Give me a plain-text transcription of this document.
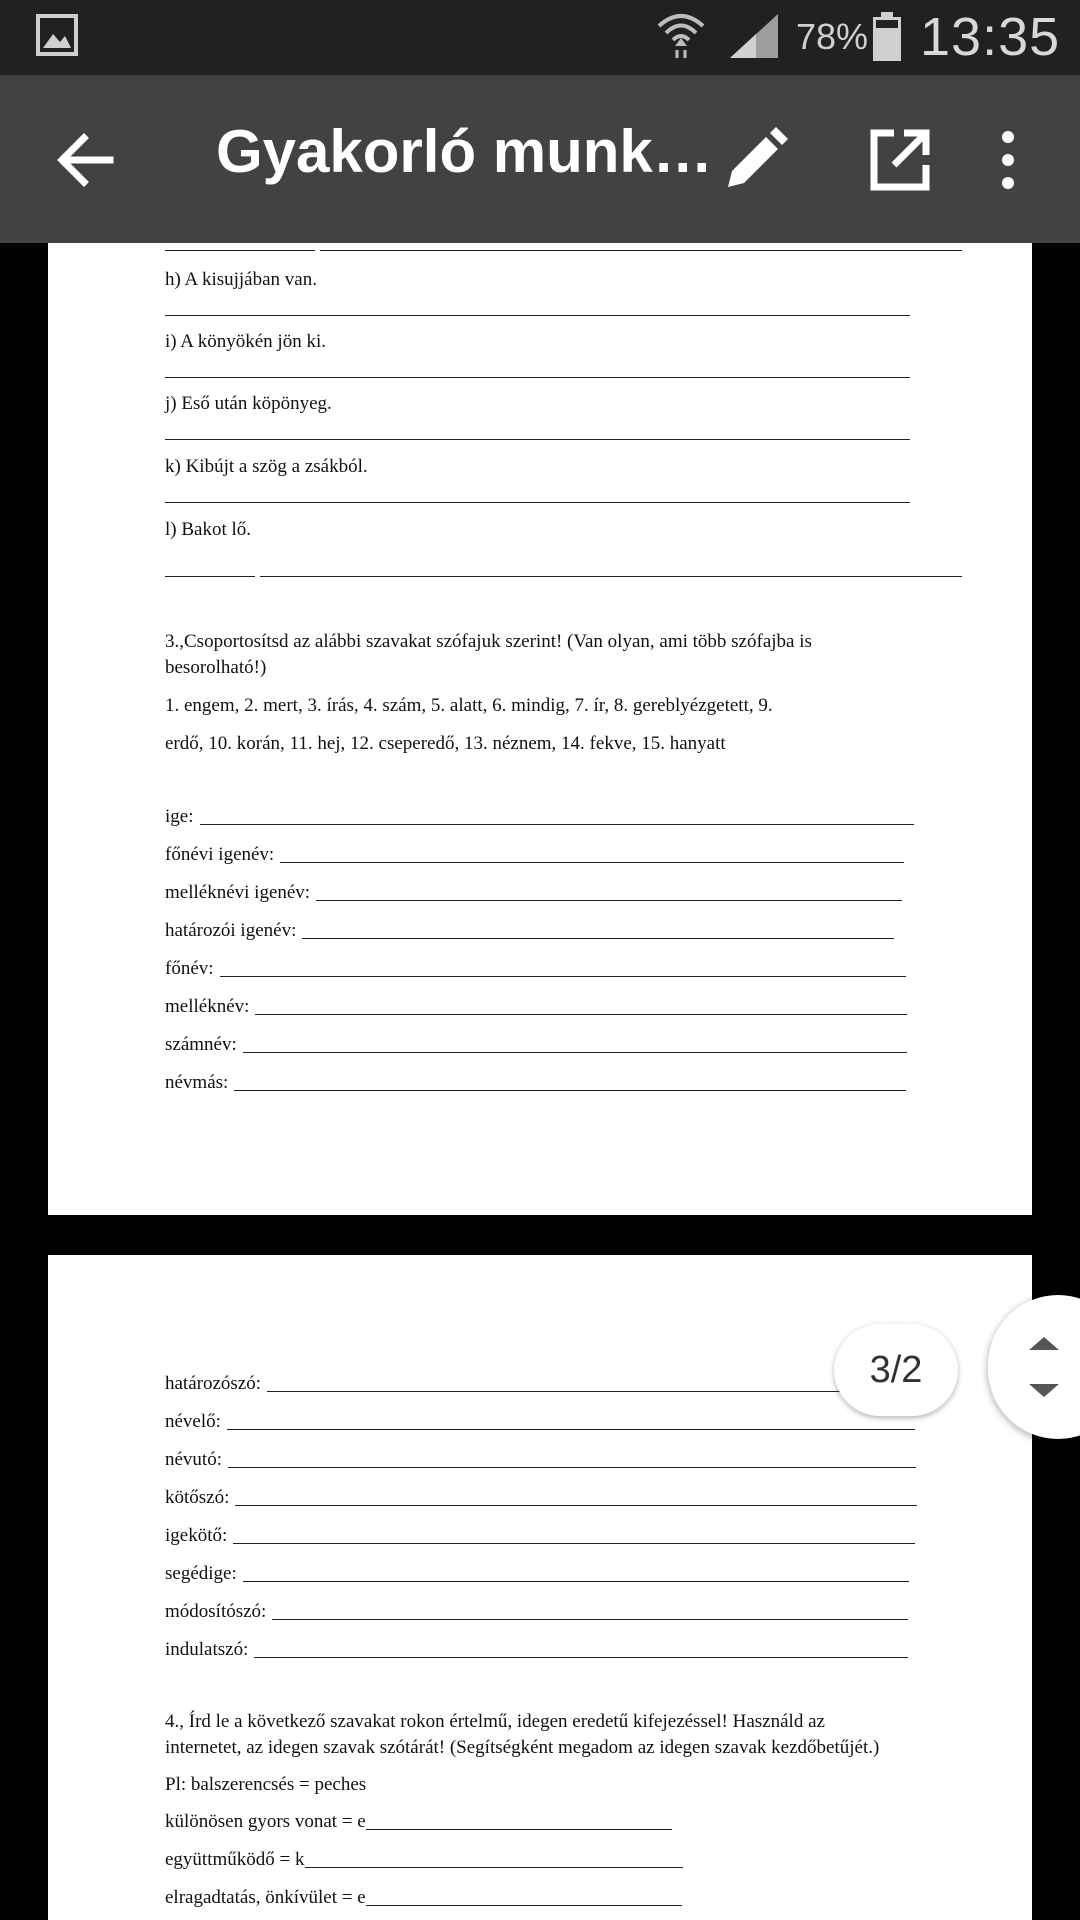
78% 13:35
Gyakorló munk…
h) A kisujjában van.
i) A könyökén jön ki.
j) Eső után köpönyeg.
k) Kibújt a szög a zsákból.
l) Bakot lő.
3.,Csoportosítsd az alábbi szavakat szófajuk szerint! (Van olyan, ami több szófajba is
besorolható!)
1. engem, 2. mert, 3. írás, 4. szám, 5. alatt, 6. mindig, 7. ír, 8. gereblyézgetett, 9.
erdő, 10. korán, 11. hej, 12. cseperedő, 13. néznem, 14. fekve, 15. hanyatt
ige:
főnévi igenév:
melléknévi igenév:
határozói igenév:
főnév:
melléknév:
számnév:
névmás:
határozószó:
névelő:
névutó:
kötőszó:
igekötő:
segédige:
módosítószó:
indulatszó:
4., Írd le a következő szavakat rokon értelmű, idegen eredetű kifejezéssel! Használd az
internetet, az idegen szavak szótárát! (Segítségként megadom az idegen szavak kezdőbetűjét.)
Pl: balszerencsés = peches
különösen gyors vonat = e
együttműködő = k
elragadtatás, önkívület = e
3/2
